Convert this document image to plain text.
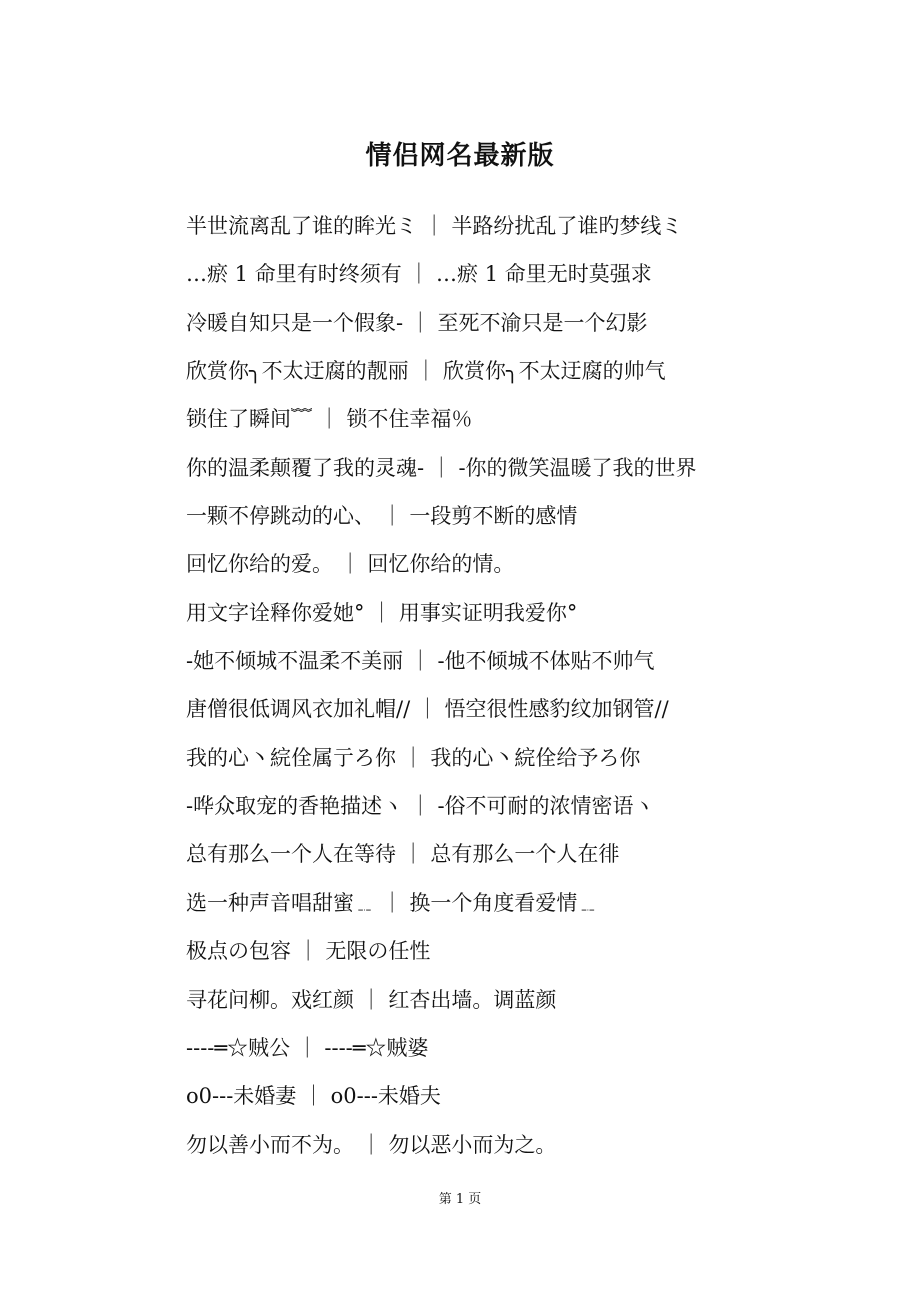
情侣网名最新版
半世流离乱了谁的眸光ミ ｜ 半路纷扰乱了谁旳梦线ミ
…瘀 1 命里有时终须有 ｜ …瘀 1 命里无时莫强求
冷暖自知只是一个假象- ｜ 至死不渝只是一个幻影
欣赏你╮不太迂腐的靓丽 ｜ 欣赏你╮不太迂腐的帅气
锁住了瞬间﹌ ｜ 锁不住幸福％
你的温柔颠覆了我的灵魂- ｜ -你的微笑温暖了我的世界
一颗不停跳动的心、 ｜ 一段剪不断的感情
回忆你给的爱。 ｜ 回忆你给的情。
用文字诠释你爱她° ｜ 用事实证明我爱你°
-她不倾城不温柔不美丽 ｜ -他不倾城不体贴不帅气
唐僧很低调风衣加礼帽// ｜ 悟空很性感豹纹加钢管//
我的心丶綄佺属亍ろ你 ｜ 我的心丶綄佺给予ろ你
-哗众取宠的香艳描述ヽ ｜ -俗不可耐的浓情密语ヽ
总有那么一个人在等待 ｜ 总有那么一个人在徘
选一种声音唱甜蜜﹎ ｜ 换一个角度看爱情﹎
极点の包容 ｜ 无限の任性
寻花问柳。戏红颜 ｜ 红杏出墙。调蓝颜
----═☆贼公 ｜ ----═☆贼婆
o0---未婚妻 ｜ o0---未婚夫
勿以善小而不为。 ｜ 勿以恶小而为之。
第 1 页
